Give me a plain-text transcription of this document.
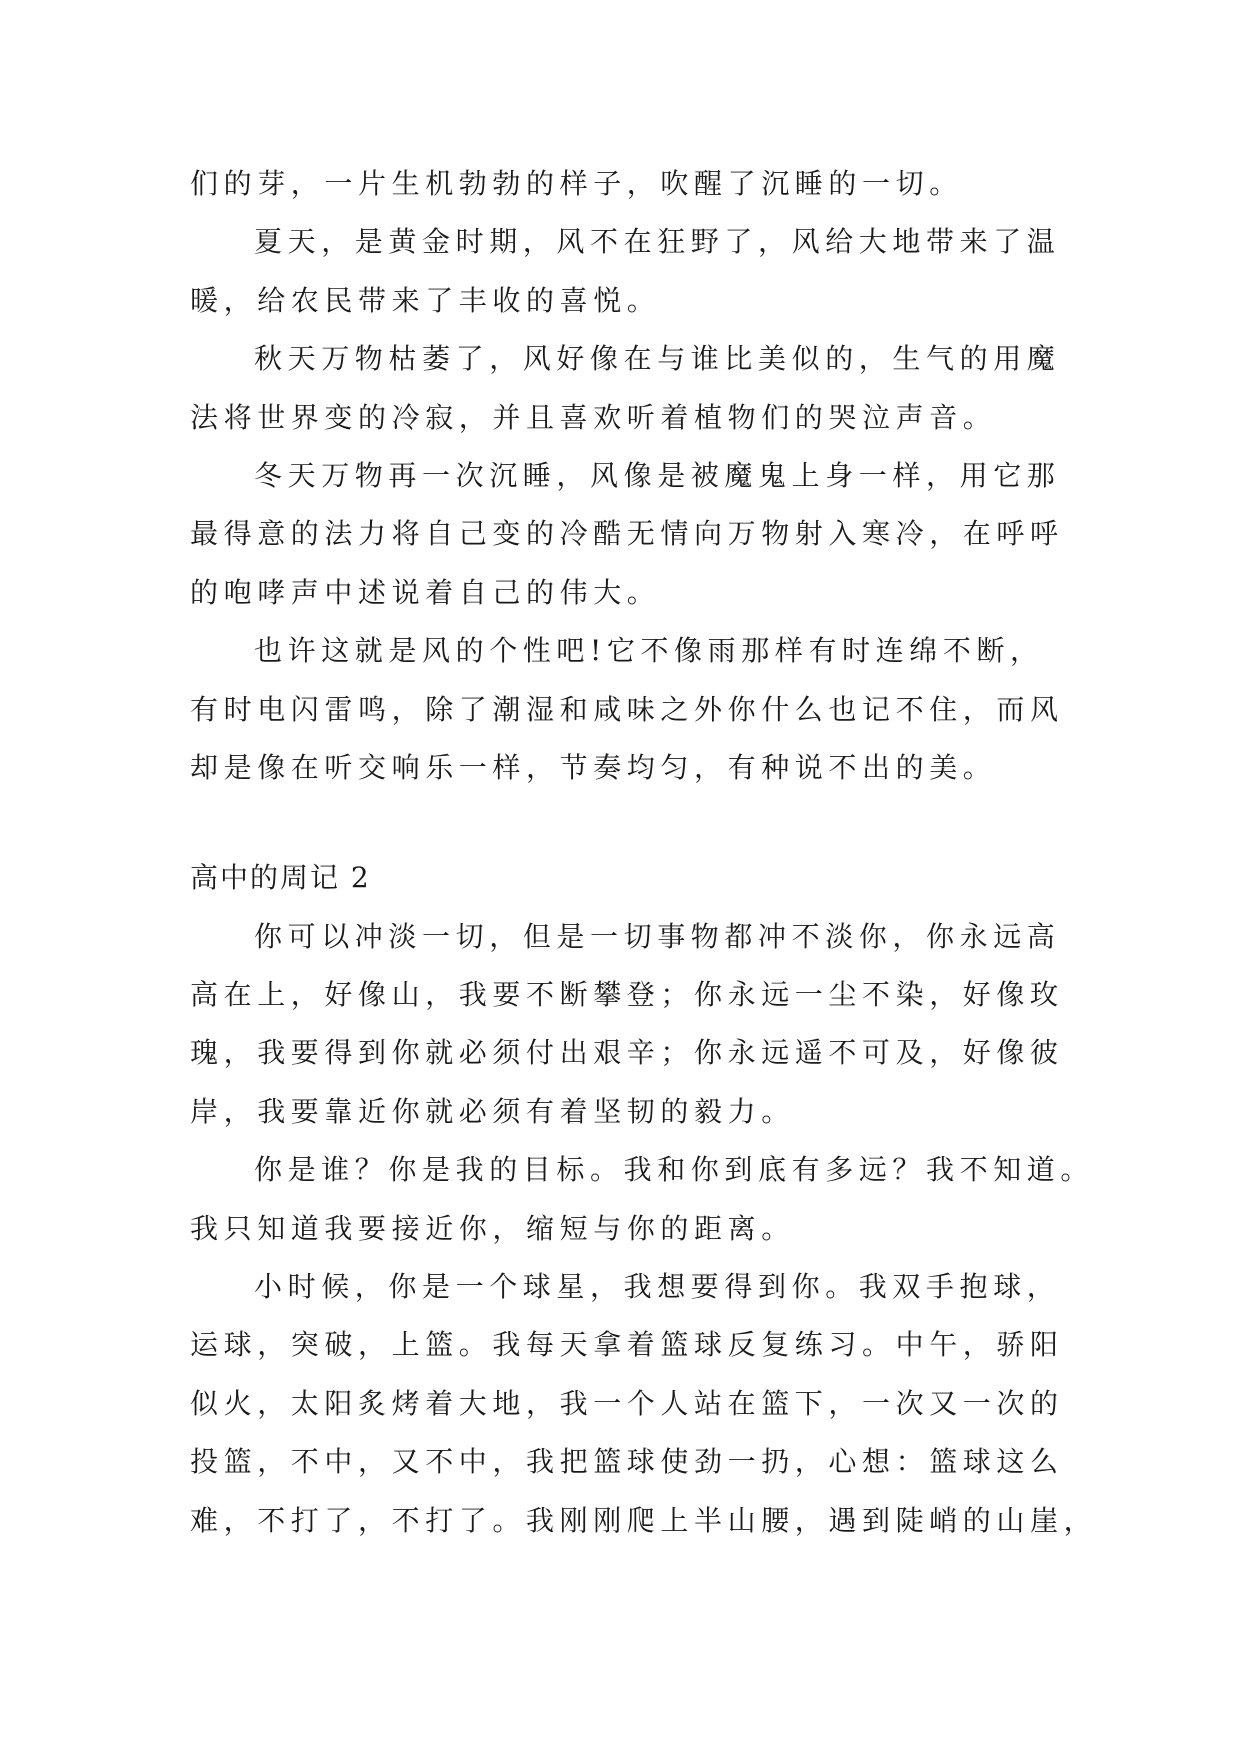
们的芽，一片生机勃勃的样子，吹醒了沉睡的一切。
夏天，是黄金时期，风不在狂野了，风给大地带来了温
暖，给农民带来了丰收的喜悦。
秋天万物枯萎了，风好像在与谁比美似的，生气的用魔
法将世界变的冷寂，并且喜欢听着植物们的哭泣声音。
冬天万物再一次沉睡，风像是被魔鬼上身一样，用它那
最得意的法力将自己变的冷酷无情向万物射入寒冷，在呼呼
的咆哮声中述说着自己的伟大。
也许这就是风的个性吧!它不像雨那样有时连绵不断，
有时电闪雷鸣，除了潮湿和咸味之外你什么也记不住，而风
却是像在听交响乐一样，节奏均匀，有种说不出的美。
高中的周记 2
你可以冲淡一切，但是一切事物都冲不淡你，你永远高
高在上，好像山，我要不断攀登；你永远一尘不染，好像玫
瑰，我要得到你就必须付出艰辛；你永远遥不可及，好像彼
岸，我要靠近你就必须有着坚韧的毅力。
你是谁？你是我的目标。我和你到底有多远？我不知道。
我只知道我要接近你，缩短与你的距离。
小时候，你是一个球星，我想要得到你。我双手抱球，
运球，突破，上篮。我每天拿着篮球反复练习。中午，骄阳
似火，太阳炙烤着大地，我一个人站在篮下，一次又一次的
投篮，不中，又不中，我把篮球使劲一扔，心想：篮球这么
难，不打了，不打了。我刚刚爬上半山腰，遇到陡峭的山崖，
